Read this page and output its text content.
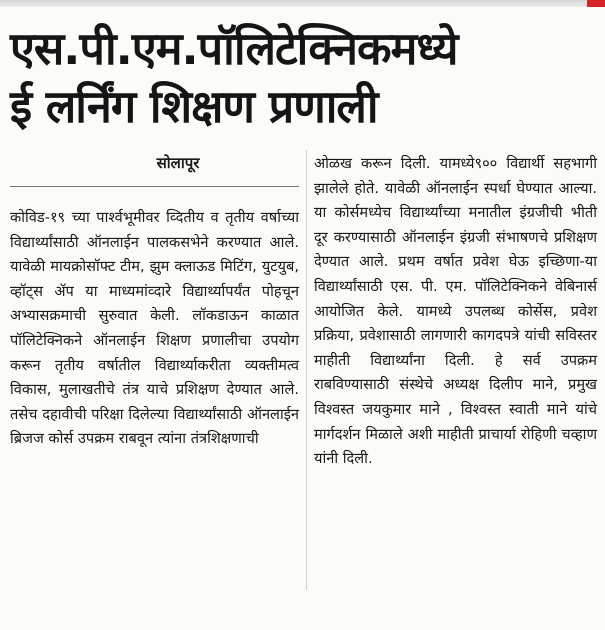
एस.पी.एम.पॉलिटेक्निकमध्ये
ई लर्निंग शिक्षण प्रणाली
सोलापूर

कोविड-१९ च्या पार्श्वभूमीवर व्दितीय व तृतीय वर्षाच्या विद्यार्थ्यांसाठी ऑनलाईन पालकसभेने करण्यात आले. यावेळी मायक्रोसॉफ्ट टीम, झुम क्लाऊड मिटिंग, युटयुब, व्हॉट्स ॲप या माध्यमांव्दारे विद्यार्थ्यापर्यंत पोहचून अभ्यासक्रमाची सुरुवात केली. लॉकडाऊन काळात पॉलिटेक्निकने ऑनलाईन शिक्षण प्रणालीचा उपयोग करून तृतीय वर्षातील विद्यार्थ्याकरीता व्यक्तीमत्व विकास, मुलाखतीचे तंत्र याचे प्रशिक्षण देण्यात आले. तसेच दहावीची परिक्षा दिलेल्या विद्यार्थ्यांसाठी ऑनलाईन ब्रिजज कोर्स उपक्रम राबवून त्यांना तंत्रशिक्षणाची

ओळख करून दिली. यामध्ये९०० विद्यार्थी सहभागी झालेले होते. यावेळी ऑनलाईन स्पर्धा घेण्यात आल्या. या कोर्समध्येच विद्यार्थ्यांच्या मनातील इंग्रजीची भीती दूर करण्यासाठी ऑनलाईन इंग्रजी संभाषणचे प्रशिक्षण देण्यात आले. प्रथम वर्षात प्रवेश घेऊ इच्छिणा-या विद्यार्थ्यांसाठी एस. पी. एम. पॉलिटेक्निकने वेबिनार्स आयोजित केले. यामध्ये उपलब्ध कोर्सेस, प्रवेश प्रक्रिया, प्रवेशासाठी लागणारी कागदपत्रे यांची सविस्तर माहीती विद्यार्थ्यांना दिली. हे सर्व उपक्रम राबविण्यासाठी संस्थेचे अध्यक्ष दिलीप माने, प्रमुख विश्वस्त जयकुमार माने , विश्वस्त स्वाती माने यांचे मार्गदर्शन मिळाले अशी माहीती प्राचार्या रोहिणी चव्हाण यांनी दिली.
